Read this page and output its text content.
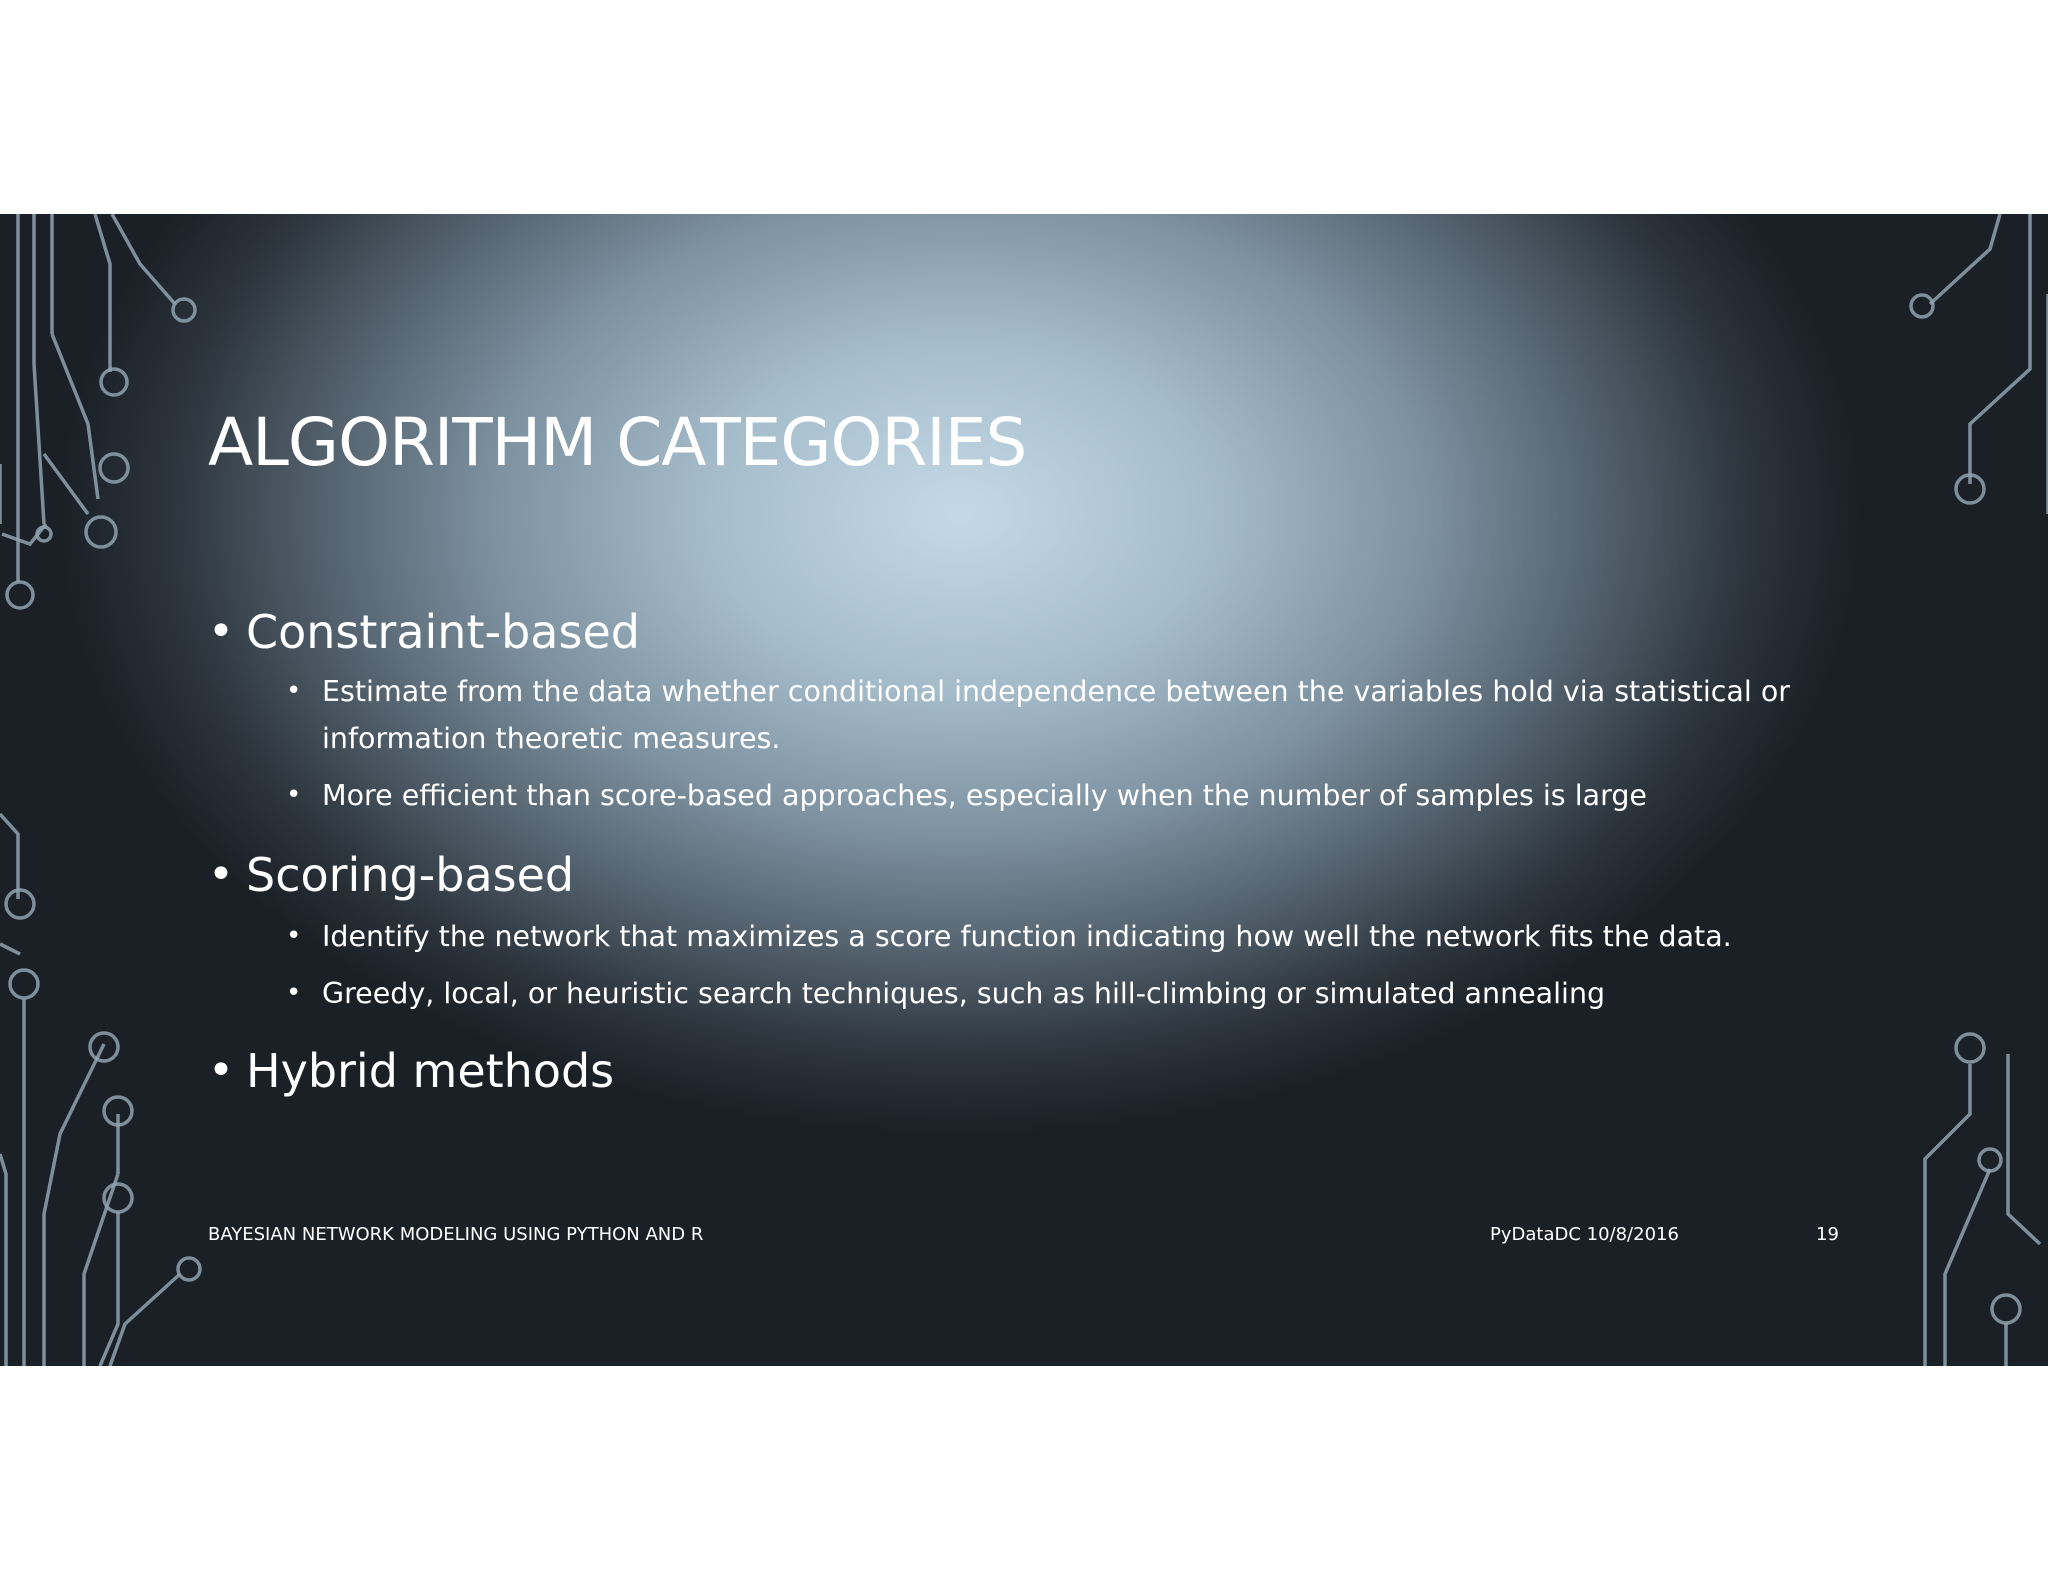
ALGORITHM CATEGORIES

• Constraint-based

• Estimate from the data whether conditional independence between the variables hold via statistical or information theoretic measures.

• More efficient than score-based approaches, especially when the number of samples is large

• Scoring-based

• Identify the network that maximizes a score function indicating how well the network fits the data.

• Greedy, local, or heuristic search techniques, such as hill-climbing or simulated annealing

• Hybrid methods

BAYESIAN NETWORK MODELING USING PYTHON AND R	PyDataDC 10/8/2016	19
